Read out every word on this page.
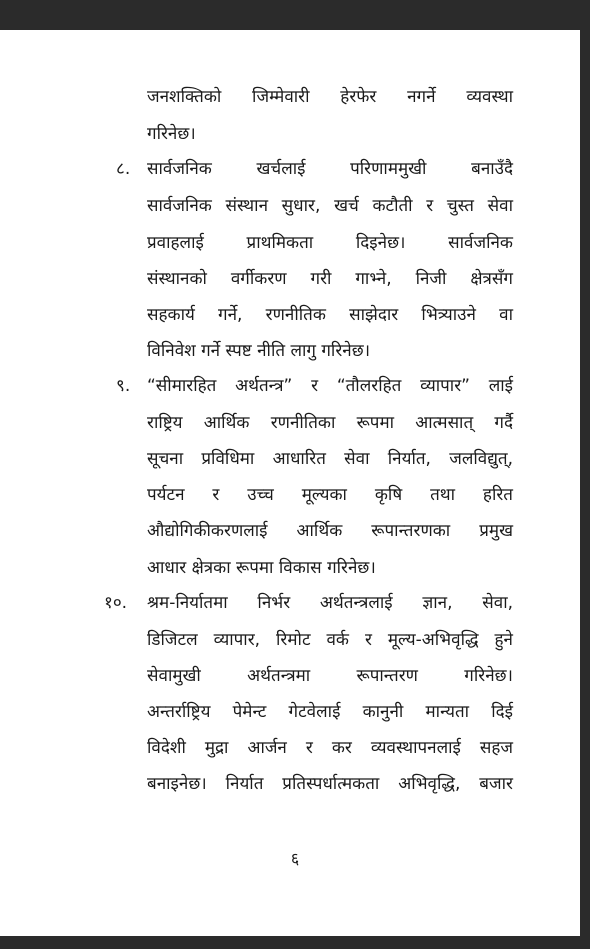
जनशक्तिको जिम्मेवारी हेरफेर नगर्ने व्यवस्था
गरिनेछ।
८. सार्वजनिक खर्चलाई परिणाममुखी बनाउँदै
सार्वजनिक संस्थान सुधार, खर्च कटौती र चुस्त सेवा
प्रवाहलाई प्राथमिकता दिइनेछ। सार्वजनिक
संस्थानको वर्गीकरण गरी गाभ्ने, निजी क्षेत्रसँग
सहकार्य गर्ने, रणनीतिक साझेदार भित्र्याउने वा
विनिवेश गर्ने स्पष्ट नीति लागु गरिनेछ।
९. “सीमारहित अर्थतन्त्र” र “तौलरहित व्यापार” लाई
राष्ट्रिय आर्थिक रणनीतिका रूपमा आत्मसात् गर्दै
सूचना प्रविधिमा आधारित सेवा निर्यात, जलविद्युत्,
पर्यटन र उच्च मूल्यका कृषि तथा हरित
औद्योगिकीकरणलाई आर्थिक रूपान्तरणका प्रमुख
आधार क्षेत्रका रूपमा विकास गरिनेछ।
१०. श्रम-निर्यातमा निर्भर अर्थतन्त्रलाई ज्ञान, सेवा,
डिजिटल व्यापार, रिमोट वर्क र मूल्य-अभिवृद्धि हुने
सेवामुखी अर्थतन्त्रमा रूपान्तरण गरिनेछ।
अन्तर्राष्ट्रिय पेमेन्ट गेटवेलाई कानुनी मान्यता दिई
विदेशी मुद्रा आर्जन र कर व्यवस्थापनलाई सहज
बनाइनेछ। निर्यात प्रतिस्पर्धात्मकता अभिवृद्धि, बजार
६
